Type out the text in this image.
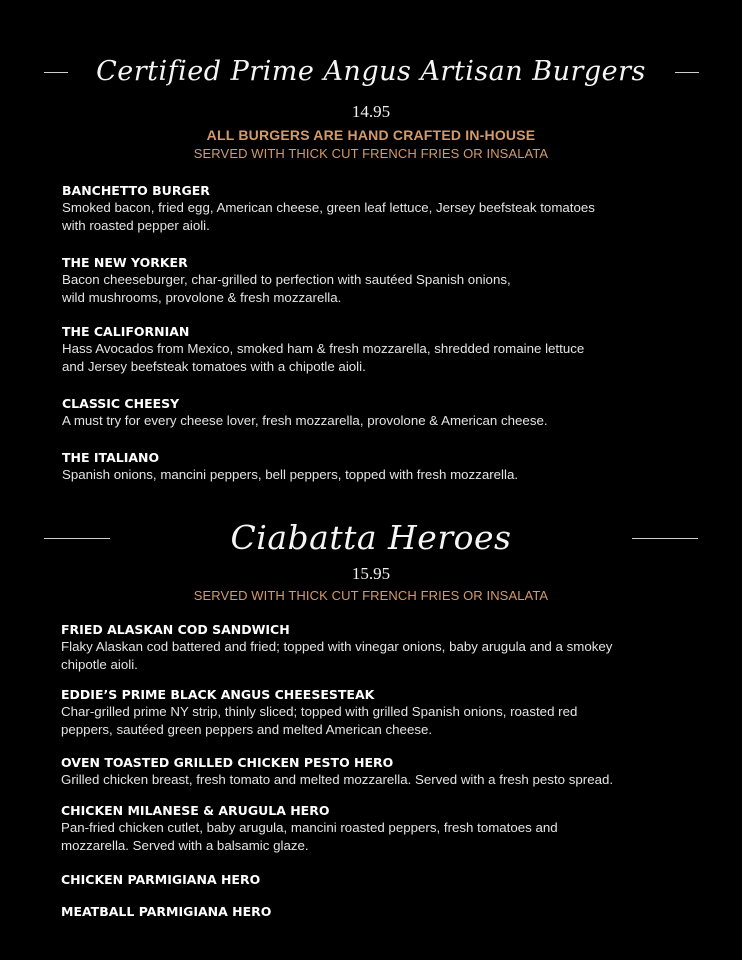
Certified Prime Angus Artisan Burgers

14.95

ALL BURGERS ARE HAND CRAFTED IN-HOUSE

SERVED WITH THICK CUT FRENCH FRIES OR INSALATA

BANCHETTO BURGER
Smoked bacon, fried egg, American cheese, green leaf lettuce, Jersey beefsteak tomatoes
with roasted pepper aioli.
THE NEW YORKER
Bacon cheeseburger, char-grilled to perfection with sautéed Spanish onions,
wild mushrooms, provolone & fresh mozzarella.
THE CALIFORNIAN
Hass Avocados from Mexico, smoked ham & fresh mozzarella, shredded romaine lettuce
and Jersey beefsteak tomatoes with a chipotle aioli.
CLASSIC CHEESY
A must try for every cheese lover, fresh mozzarella, provolone & American cheese.
THE ITALIANO
Spanish onions, mancini peppers, bell peppers, topped with fresh mozzarella.
Ciabatta Heroes

15.95

SERVED WITH THICK CUT FRENCH FRIES OR INSALATA

FRIED ALASKAN COD SANDWICH
Flaky Alaskan cod battered and fried; topped with vinegar onions, baby arugula and a smokey
chipotle aioli.
EDDIE’S PRIME BLACK ANGUS CHEESESTEAK
Char-grilled prime NY strip, thinly sliced; topped with grilled Spanish onions, roasted red
peppers, sautéed green peppers and melted American cheese.
OVEN TOASTED GRILLED CHICKEN PESTO HERO
Grilled chicken breast, fresh tomato and melted mozzarella. Served with a fresh pesto spread.
CHICKEN MILANESE & ARUGULA HERO
Pan-fried chicken cutlet, baby arugula, mancini roasted peppers, fresh tomatoes and
mozzarella. Served with a balsamic glaze.
CHICKEN PARMIGIANA HERO
MEATBALL PARMIGIANA HERO
